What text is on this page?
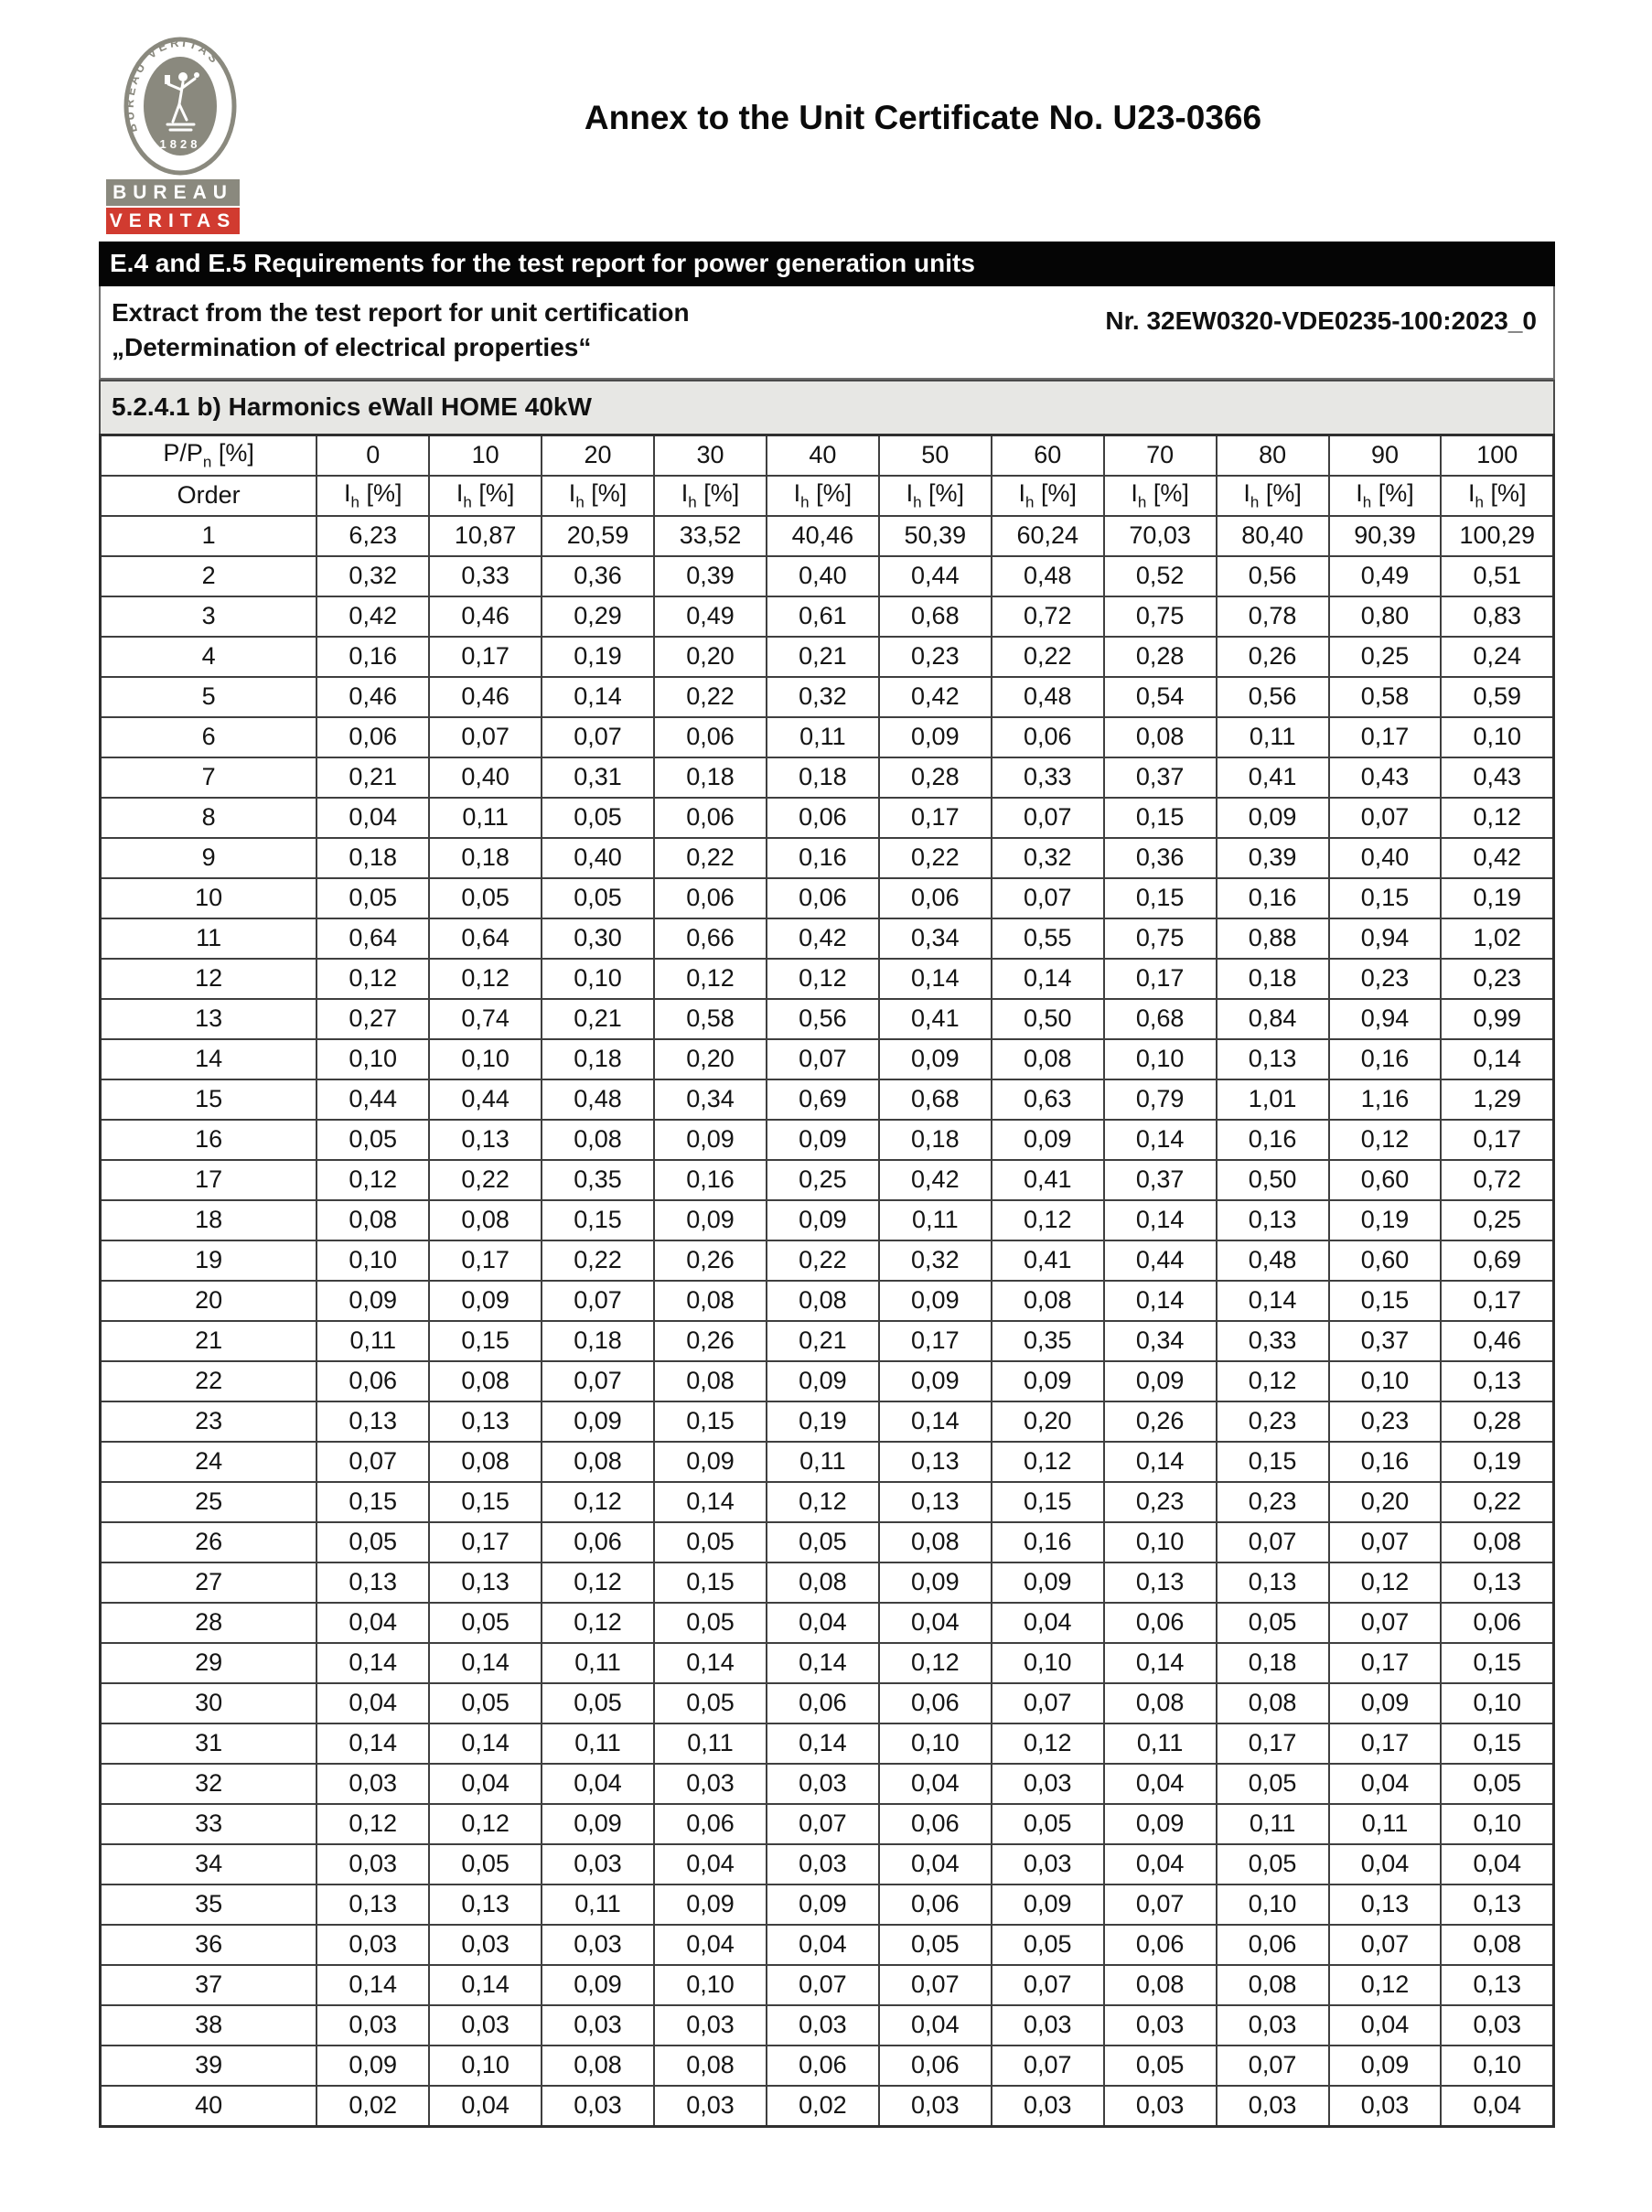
BUREAU VERITAS
1828
BUREAU
VERITAS
Annex to the Unit Certificate No. U23-0366
E.4 and E.5 Requirements for the test report for power generation units
Extract from the test report for unit certification
„Determination of electrical properties“
Nr. 32EW0320-VDE0235-100:2023_0
5.2.4.1 b) Harmonics eWall HOME 40kW
$P/P_n$ [%]	0	10	20	30	40	50	60	70	80	90	100
Order	$I_h$ [%]	$I_h$ [%]	$I_h$ [%]	$I_h$ [%]	$I_h$ [%]	$I_h$ [%]	$I_h$ [%]	$I_h$ [%]	$I_h$ [%]	$I_h$ [%]	$I_h$ [%]
1	6,23	10,87	20,59	33,52	40,46	50,39	60,24	70,03	80,40	90,39	100,29
2	0,32	0,33	0,36	0,39	0,40	0,44	0,48	0,52	0,56	0,49	0,51
3	0,42	0,46	0,29	0,49	0,61	0,68	0,72	0,75	0,78	0,80	0,83
4	0,16	0,17	0,19	0,20	0,21	0,23	0,22	0,28	0,26	0,25	0,24
5	0,46	0,46	0,14	0,22	0,32	0,42	0,48	0,54	0,56	0,58	0,59
6	0,06	0,07	0,07	0,06	0,11	0,09	0,06	0,08	0,11	0,17	0,10
7	0,21	0,40	0,31	0,18	0,18	0,28	0,33	0,37	0,41	0,43	0,43
8	0,04	0,11	0,05	0,06	0,06	0,17	0,07	0,15	0,09	0,07	0,12
9	0,18	0,18	0,40	0,22	0,16	0,22	0,32	0,36	0,39	0,40	0,42
10	0,05	0,05	0,05	0,06	0,06	0,06	0,07	0,15	0,16	0,15	0,19
11	0,64	0,64	0,30	0,66	0,42	0,34	0,55	0,75	0,88	0,94	1,02
12	0,12	0,12	0,10	0,12	0,12	0,14	0,14	0,17	0,18	0,23	0,23
13	0,27	0,74	0,21	0,58	0,56	0,41	0,50	0,68	0,84	0,94	0,99
14	0,10	0,10	0,18	0,20	0,07	0,09	0,08	0,10	0,13	0,16	0,14
15	0,44	0,44	0,48	0,34	0,69	0,68	0,63	0,79	1,01	1,16	1,29
16	0,05	0,13	0,08	0,09	0,09	0,18	0,09	0,14	0,16	0,12	0,17
17	0,12	0,22	0,35	0,16	0,25	0,42	0,41	0,37	0,50	0,60	0,72
18	0,08	0,08	0,15	0,09	0,09	0,11	0,12	0,14	0,13	0,19	0,25
19	0,10	0,17	0,22	0,26	0,22	0,32	0,41	0,44	0,48	0,60	0,69
20	0,09	0,09	0,07	0,08	0,08	0,09	0,08	0,14	0,14	0,15	0,17
21	0,11	0,15	0,18	0,26	0,21	0,17	0,35	0,34	0,33	0,37	0,46
22	0,06	0,08	0,07	0,08	0,09	0,09	0,09	0,09	0,12	0,10	0,13
23	0,13	0,13	0,09	0,15	0,19	0,14	0,20	0,26	0,23	0,23	0,28
24	0,07	0,08	0,08	0,09	0,11	0,13	0,12	0,14	0,15	0,16	0,19
25	0,15	0,15	0,12	0,14	0,12	0,13	0,15	0,23	0,23	0,20	0,22
26	0,05	0,17	0,06	0,05	0,05	0,08	0,16	0,10	0,07	0,07	0,08
27	0,13	0,13	0,12	0,15	0,08	0,09	0,09	0,13	0,13	0,12	0,13
28	0,04	0,05	0,12	0,05	0,04	0,04	0,04	0,06	0,05	0,07	0,06
29	0,14	0,14	0,11	0,14	0,14	0,12	0,10	0,14	0,18	0,17	0,15
30	0,04	0,05	0,05	0,05	0,06	0,06	0,07	0,08	0,08	0,09	0,10
31	0,14	0,14	0,11	0,11	0,14	0,10	0,12	0,11	0,17	0,17	0,15
32	0,03	0,04	0,04	0,03	0,03	0,04	0,03	0,04	0,05	0,04	0,05
33	0,12	0,12	0,09	0,06	0,07	0,06	0,05	0,09	0,11	0,11	0,10
34	0,03	0,05	0,03	0,04	0,03	0,04	0,03	0,04	0,05	0,04	0,04
35	0,13	0,13	0,11	0,09	0,09	0,06	0,09	0,07	0,10	0,13	0,13
36	0,03	0,03	0,03	0,04	0,04	0,05	0,05	0,06	0,06	0,07	0,08
37	0,14	0,14	0,09	0,10	0,07	0,07	0,07	0,08	0,08	0,12	0,13
38	0,03	0,03	0,03	0,03	0,03	0,04	0,03	0,03	0,03	0,04	0,03
39	0,09	0,10	0,08	0,08	0,06	0,06	0,07	0,05	0,07	0,09	0,10
40	0,02	0,04	0,03	0,03	0,02	0,03	0,03	0,03	0,03	0,03	0,04
